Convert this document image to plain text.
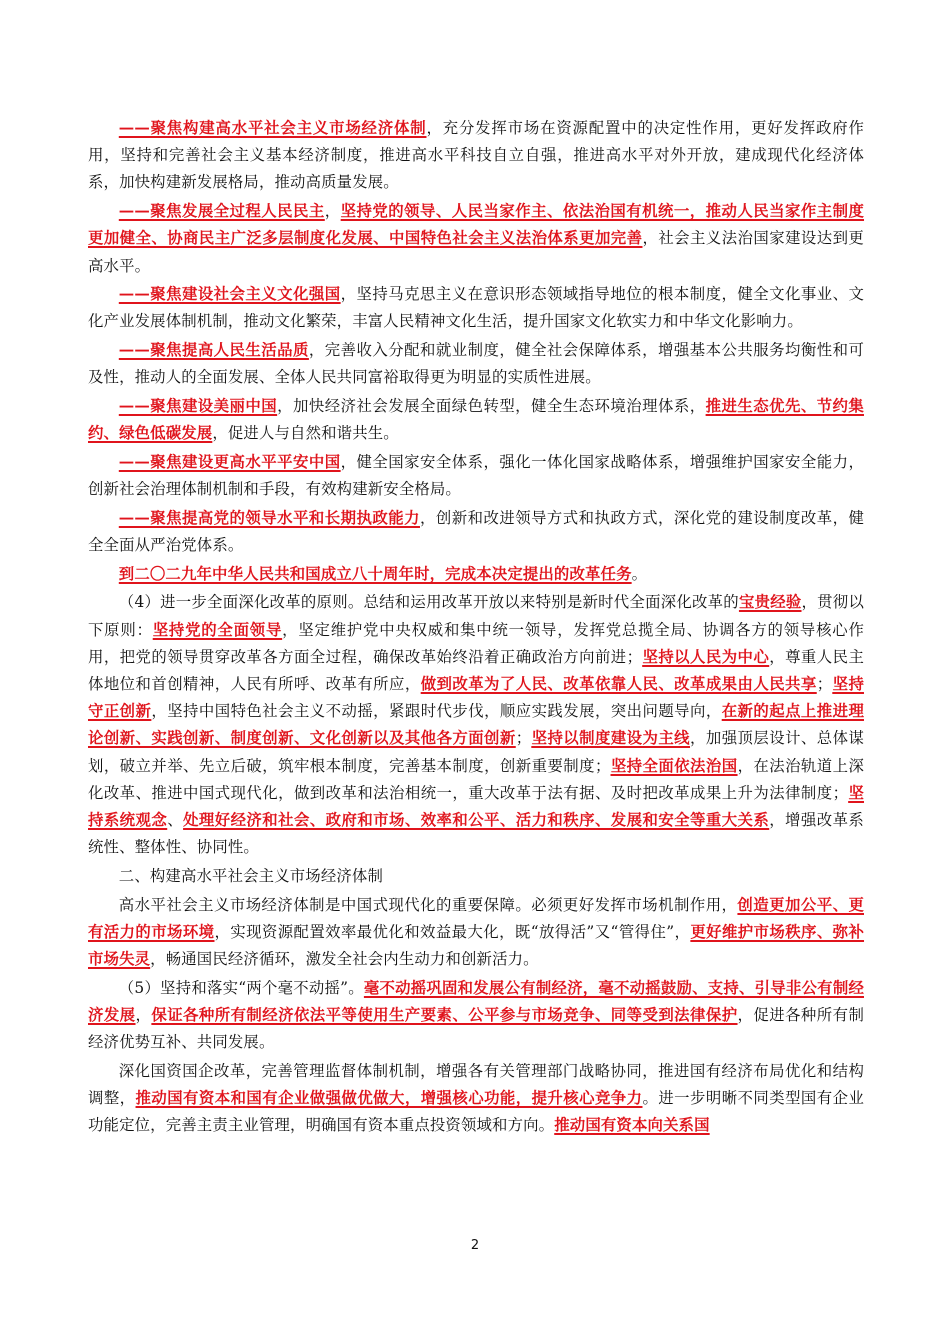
——聚焦构建高水平社会主义市场经济体制，充分发挥市场在资源配置中的决定性作用，更好发挥政府作用，坚持和完善社会主义基本经济制度，推进高水平科技自立自强，推进高水平对外开放，建成现代化经济体系，加快构建新发展格局，推动高质量发展。

——聚焦发展全过程人民民主，坚持党的领导、人民当家作主、依法治国有机统一，推动人民当家作主制度更加健全、协商民主广泛多层制度化发展、中国特色社会主义法治体系更加完善，社会主义法治国家建设达到更高水平。

——聚焦建设社会主义文化强国，坚持马克思主义在意识形态领域指导地位的根本制度，健全文化事业、文化产业发展体制机制，推动文化繁荣，丰富人民精神文化生活，提升国家文化软实力和中华文化影响力。

——聚焦提高人民生活品质，完善收入分配和就业制度，健全社会保障体系，增强基本公共服务均衡性和可及性，推动人的全面发展、全体人民共同富裕取得更为明显的实质性进展。

——聚焦建设美丽中国，加快经济社会发展全面绿色转型，健全生态环境治理体系，推进生态优先、节约集约、绿色低碳发展，促进人与自然和谐共生。

——聚焦建设更高水平平安中国，健全国家安全体系，强化一体化国家战略体系，增强维护国家安全能力，创新社会治理体制机制和手段，有效构建新安全格局。

——聚焦提高党的领导水平和长期执政能力，创新和改进领导方式和执政方式，深化党的建设制度改革，健全全面从严治党体系。

到二〇二九年中华人民共和国成立八十周年时，完成本决定提出的改革任务。

（4）进一步全面深化改革的原则。总结和运用改革开放以来特别是新时代全面深化改革的宝贵经验，贯彻以下原则：坚持党的全面领导，坚定维护党中央权威和集中统一领导，发挥党总揽全局、协调各方的领导核心作用，把党的领导贯穿改革各方面全过程，确保改革始终沿着正确政治方向前进；坚持以人民为中心，尊重人民主体地位和首创精神，人民有所呼、改革有所应，做到改革为了人民、改革依靠人民、改革成果由人民共享；坚持守正创新，坚持中国特色社会主义不动摇，紧跟时代步伐，顺应实践发展，突出问题导向，在新的起点上推进理论创新、实践创新、制度创新、文化创新以及其他各方面创新；坚持以制度建设为主线，加强顶层设计、总体谋划，破立并举、先立后破，筑牢根本制度，完善基本制度，创新重要制度；坚持全面依法治国，在法治轨道上深化改革、推进中国式现代化，做到改革和法治相统一，重大改革于法有据、及时把改革成果上升为法律制度；坚持系统观念、处理好经济和社会、政府和市场、效率和公平、活力和秩序、发展和安全等重大关系，增强改革系统性、整体性、协同性。

二、构建高水平社会主义市场经济体制

高水平社会主义市场经济体制是中国式现代化的重要保障。必须更好发挥市场机制作用，创造更加公平、更有活力的市场环境，实现资源配置效率最优化和效益最大化，既“放得活”又“管得住”，更好维护市场秩序、弥补市场失灵，畅通国民经济循环，激发全社会内生动力和创新活力。

（5）坚持和落实“两个毫不动摇”。毫不动摇巩固和发展公有制经济，毫不动摇鼓励、支持、引导非公有制经济发展，保证各种所有制经济依法平等使用生产要素、公平参与市场竞争、同等受到法律保护，促进各种所有制经济优势互补、共同发展。

深化国资国企改革，完善管理监督体制机制，增强各有关管理部门战略协同，推进国有经济布局优化和结构调整，推动国有资本和国有企业做强做优做大，增强核心功能，提升核心竞争力。进一步明晰不同类型国有企业功能定位，完善主责主业管理，明确国有资本重点投资领域和方向。推动国有资本向关系国

2
